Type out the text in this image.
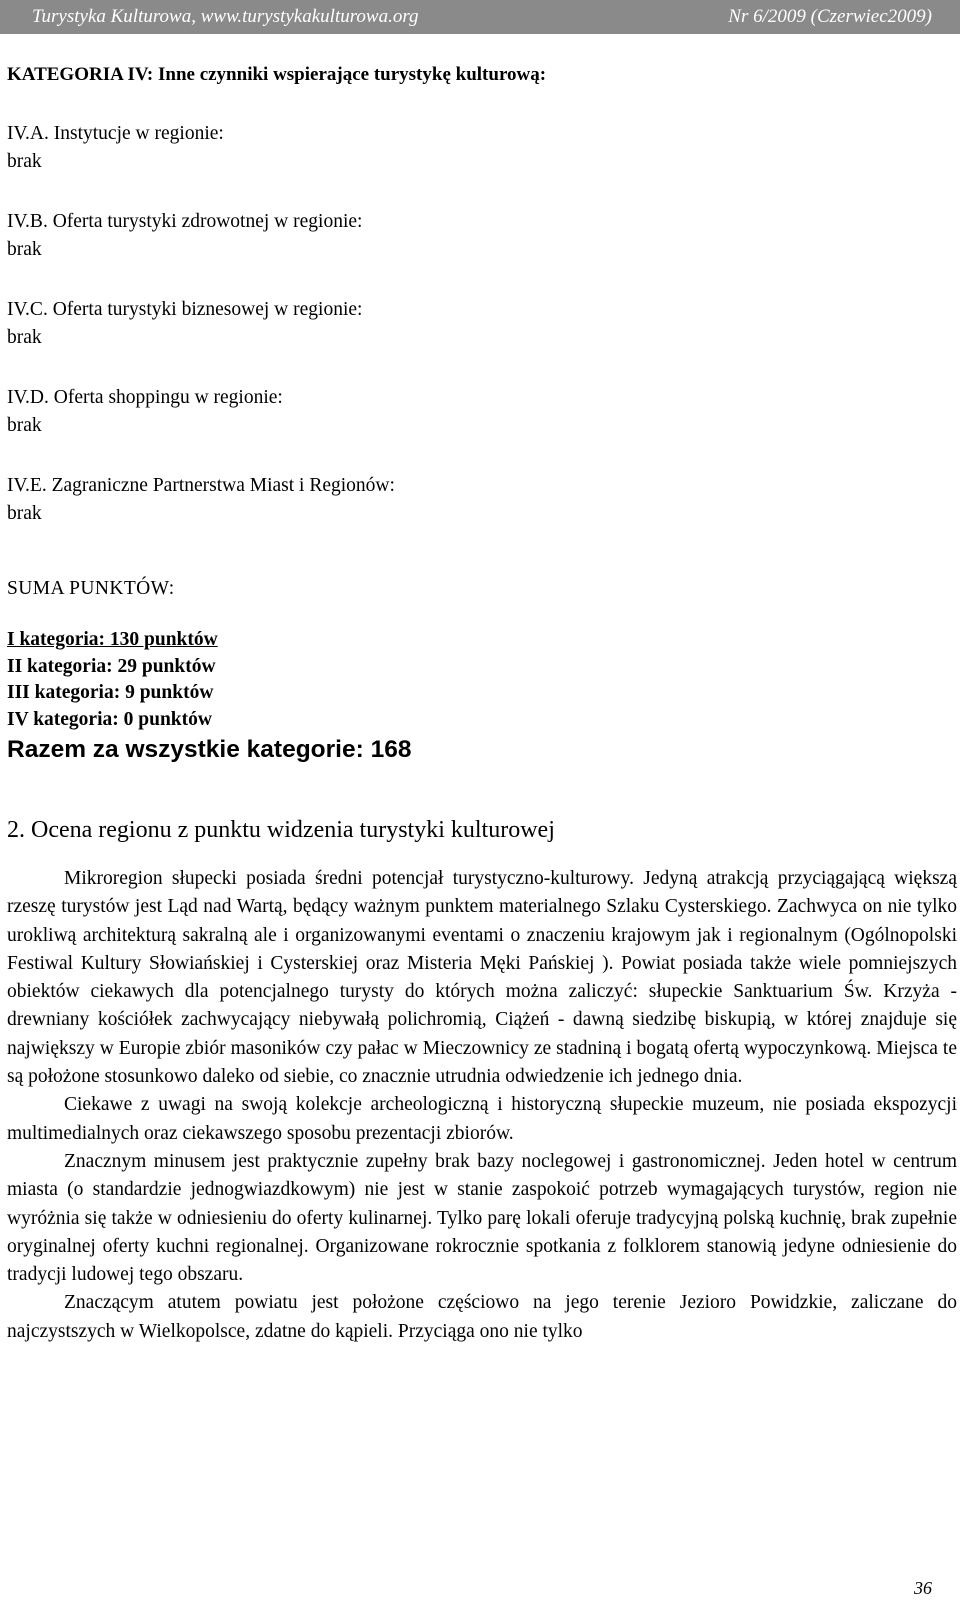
Turystyka Kulturowa, www.turystykakulturowa.org	Nr 6/2009 (Czerwiec2009)

KATEGORIA IV: Inne czynniki wspierające turystykę kulturową:

IV.A. Instytucje w regionie:
brak
IV.B. Oferta turystyki zdrowotnej w regionie:
brak
IV.C. Oferta turystyki biznesowej w regionie:
brak
IV.D. Oferta shoppingu w regionie:
brak
IV.E. Zagraniczne Partnerstwa Miast i Regionów:
brak
SUMA PUNKTÓW:
I kategoria: 130 punktów
II kategoria: 29 punktów
III kategoria: 9 punktów
IV kategoria: 0 punktów
Razem za wszystkie kategorie: 168
2. Ocena regionu z punktu widzenia turystyki kulturowej

Mikroregion słupecki posiada średni potencjał turystyczno-kulturowy. Jedyną atrakcją przyciągającą większą rzeszę turystów jest Ląd nad Wartą, będący ważnym punktem materialnego Szlaku Cysterskiego. Zachwyca on nie tylko urokliwą architekturą sakralną ale i organizowanymi eventami o znaczeniu krajowym jak i regionalnym (Ogólnopolski Festiwal Kultury Słowiańskiej i Cysterskiej oraz Misteria Męki Pańskiej ). Powiat posiada także wiele pomniejszych obiektów ciekawych dla potencjalnego turysty do których można zaliczyć: słupeckie Sanktuarium Św. Krzyża - drewniany kościółek zachwycający niebywałą polichromią, Ciążeń - dawną siedzibę biskupią, w której znajduje się największy w Europie zbiór masoników czy pałac w Mieczownicy ze stadniną i bogatą ofertą wypoczynkową. Miejsca te są położone stosunkowo daleko od siebie, co znacznie utrudnia odwiedzenie ich jednego dnia.

Ciekawe z uwagi na swoją kolekcje archeologiczną i historyczną słupeckie muzeum, nie posiada ekspozycji multimedialnych oraz ciekawszego sposobu prezentacji zbiorów.

Znacznym minusem jest praktycznie zupełny brak bazy noclegowej i gastronomicznej. Jeden hotel w centrum miasta (o standardzie jednogwiazdkowym) nie jest w stanie zaspokoić potrzeb wymagających turystów, region nie wyróżnia się także w odniesieniu do oferty kulinarnej. Tylko parę lokali oferuje tradycyjną polską kuchnię, brak zupełnie oryginalnej oferty kuchni regionalnej. Organizowane rokrocznie spotkania z folklorem stanowią jedyne odniesienie do tradycji ludowej tego obszaru.

Znaczącym atutem powiatu jest położone częściowo na jego terenie Jezioro Powidzkie, zaliczane do najczystszych w Wielkopolsce, zdatne do kąpieli. Przyciąga ono nie tylko

36
